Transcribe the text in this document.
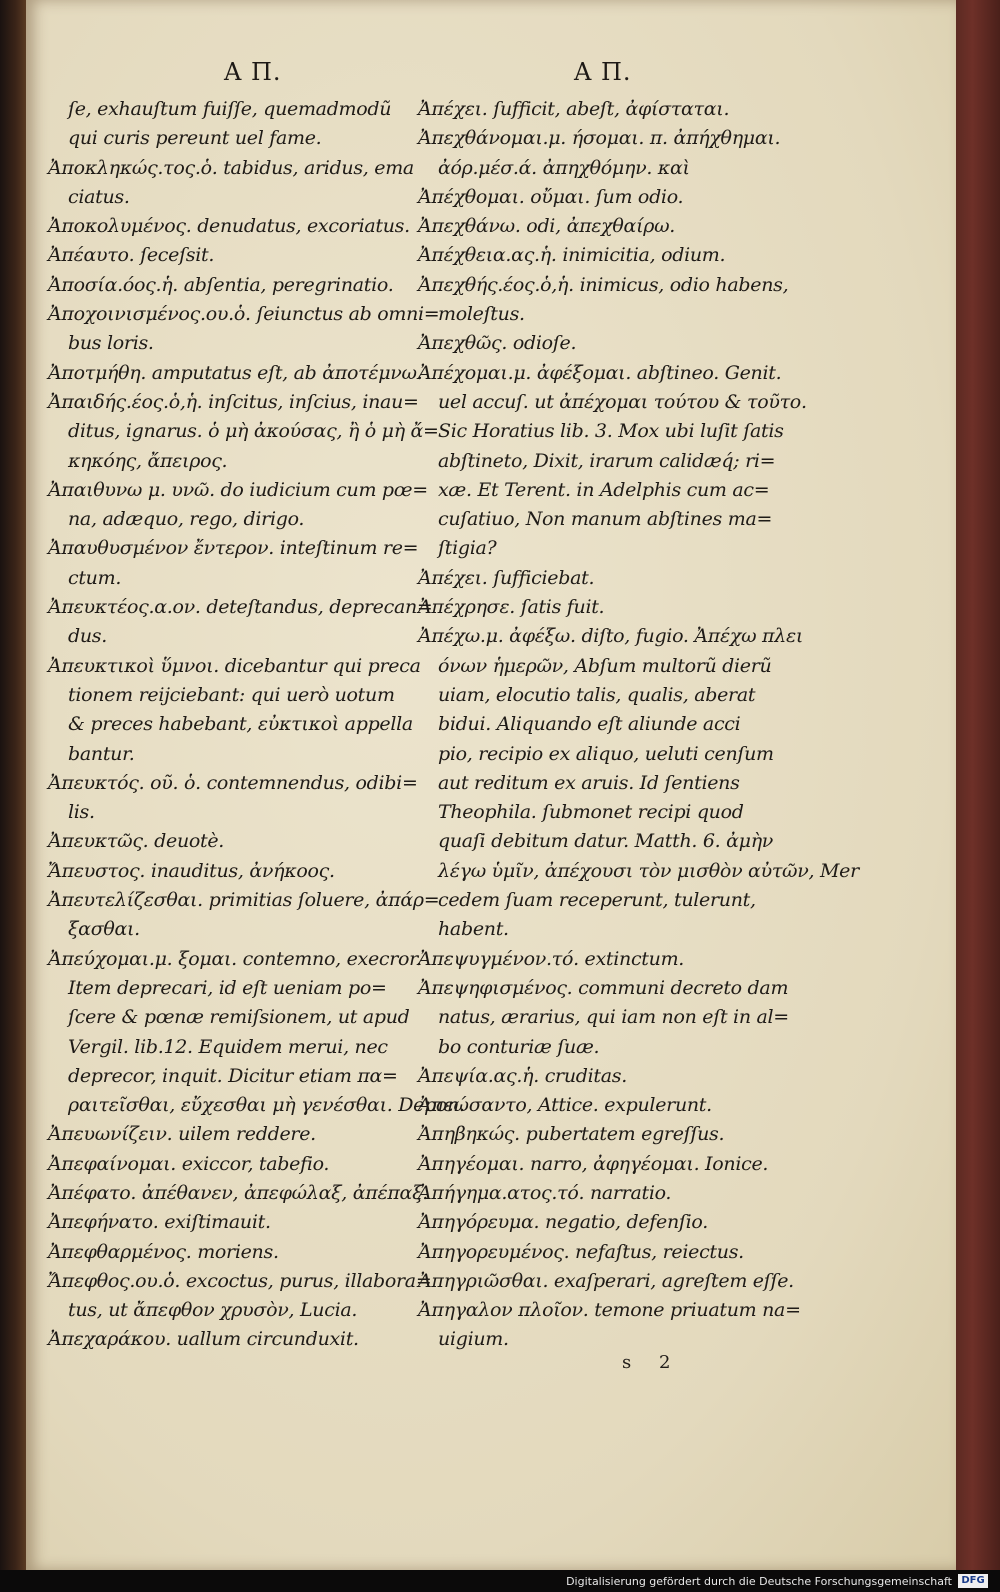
A Π.	A Π.
ſe, exhauſtum fuiſſe, quemadmodũ
qui curis pereunt uel fame.
Ἀποκληκώς.τος.ὁ. tabidus, aridus, ema
ciatus.
Ἀποκολυμένος. denudatus, excoriatus.
Ἀπέαυτο. ſeceſsit.
Ἀποσία.όος.ἡ. abſentia, peregrinatio.
Ἀποχοινισμένος.ου.ὁ. ſeiunctus ab omni=
bus loris.
Ἀποτμήθη. amputatus eſt, ab ἀποτέμνω.
Ἀπαιδής.έος.ὁ,ἡ. inſcitus, inſcius, inau=
ditus, ignarus. ὁ μὴ ἀκούσας, ἢ ὁ μὴ ἄ=
κηκόης, ἄπειρος.
Ἀπαιθυνω μ. υνῶ. do iudicium cum pœ=
na, adæquo, rego, dirigo.
Ἀπαυθυσμένον ἔντερον. inteſtinum re=
ctum.
Ἀπευκτέος.α.ον. deteſtandus, deprecan=
dus.
Ἀπευκτικοὶ ὕμνοι. dicebantur qui preca
tionem reijciebant: qui uerò uotum
& preces habebant, εὐκτικοὶ appella
bantur.
Ἀπευκτός. οῦ. ὁ. contemnendus, odibi=
lis.
Ἀπευκτῶς. deuotè.
Ἄπευστος. inauditus, ἀνήκοος.
Ἀπευτελίζεσθαι. primitias ſoluere, ἀπάρ=
ξασθαι.
Ἀπεύχομαι.μ. ξομαι. contemno, execror.
Item deprecari, id eſt ueniam po=
ſcere & pœnæ remiſsionem, ut apud
Vergil. lib.12. Equidem merui, nec
deprecor, inquit. Dicitur etiam πα=
ραιτεῖσθαι, εὔχεσθαι μὴ γενέσθαι. Depon.
Ἀπευωνίζειν. uilem reddere.
Ἀπεφαίνομαι. exiccor, tabefio.
Ἀπέφατο. ἀπέθανεν, ἀπεφώλαξ, ἀπέπαξ.
Ἀπεφήνατο. exiſtimauit.
Ἀπεφθαρμένος. moriens.
Ἄπεφθος.ου.ὁ. excoctus, purus, illabora=
tus, ut ἄπεφθον χρυσὸν, Lucia.
Ἀπεχαράκου. uallum circunduxit.
Ἀπέχει. ſufficit, abeſt, ἀφίσταται.
Ἀπεχθάνομαι.μ. ήσομαι. π. ἀπήχθημαι.
ἀόρ.μέσ.ά. ἀπηχθόμην. καὶ
Ἀπέχθομαι. οὔμαι. ſum odio.
Ἀπεχθάνω. odi, ἀπεχθαίρω.
Ἀπέχθεια.ας.ἡ. inimicitia, odium.
Ἀπεχθής.έος.ὁ,ἡ. inimicus, odio habens,
moleſtus.
Ἀπεχθῶς. odioſe.
Ἀπέχομαι.μ. ἀφέξομαι. abſtineo. Genit.
uel accuſ. ut ἀπέχομαι τούτου & τοῦτο.
Sic Horatius lib. 3. Mox ubi luſit ſatis
abſtineto, Dixit, irarum calidæq́; ri=
xæ. Et Terent. in Adelphis cum ac=
cuſatiuo, Non manum abſtines ma=
ſtigia?
Ἀπέχει. ſufficiebat.
Ἀπέχρησε. ſatis fuit.
Ἀπέχω.μ. ἀφέξω. diſto, fugio. Ἀπέχω πλει
όνων ἡμερῶν, Abſum multorũ dierũ
uiam, elocutio talis, qualis, aberat
bidui. Aliquando eſt aliunde acci
pio, recipio ex aliquo, ueluti cenſum
aut reditum ex aruis. Id ſentiens
Theophila. ſubmonet recipi quod
quaſi debitum datur. Matth. 6. ἀμὴν
λέγω ὑμῖν, ἀπέχουσι τὸν μισθὸν αὐτῶν, Mer
cedem ſuam receperunt, tulerunt,
habent.
Ἀπεψυγμένον.τό. extinctum.
Ἀπεψηφισμένος. communi decreto dam
natus, ærarius, qui iam non eſt in al=
bo conturiæ ſuæ.
Ἀπεψία.ας.ἡ. cruditas.
Ἀπεώσαντο, Attice. expulerunt.
Ἀπηβηκώς. pubertatem egreſſus.
Ἀπηγέομαι. narro, ἀφηγέομαι. Ionice.
Ἀπήγημα.ατος.τό. narratio.
Ἀπηγόρευμα. negatio, defenſio.
Ἀπηγορευμένος. nefaſtus, reiectus.
Ἀπηγριῶσθαι. exaſperari, agreſtem eſſe.
Ἀπηγαλον πλοῖον. temone priuatum na=
uigium.
s 2
Digitalisierung gefördert durch die Deutsche Forschungsgemeinschaft DFG
